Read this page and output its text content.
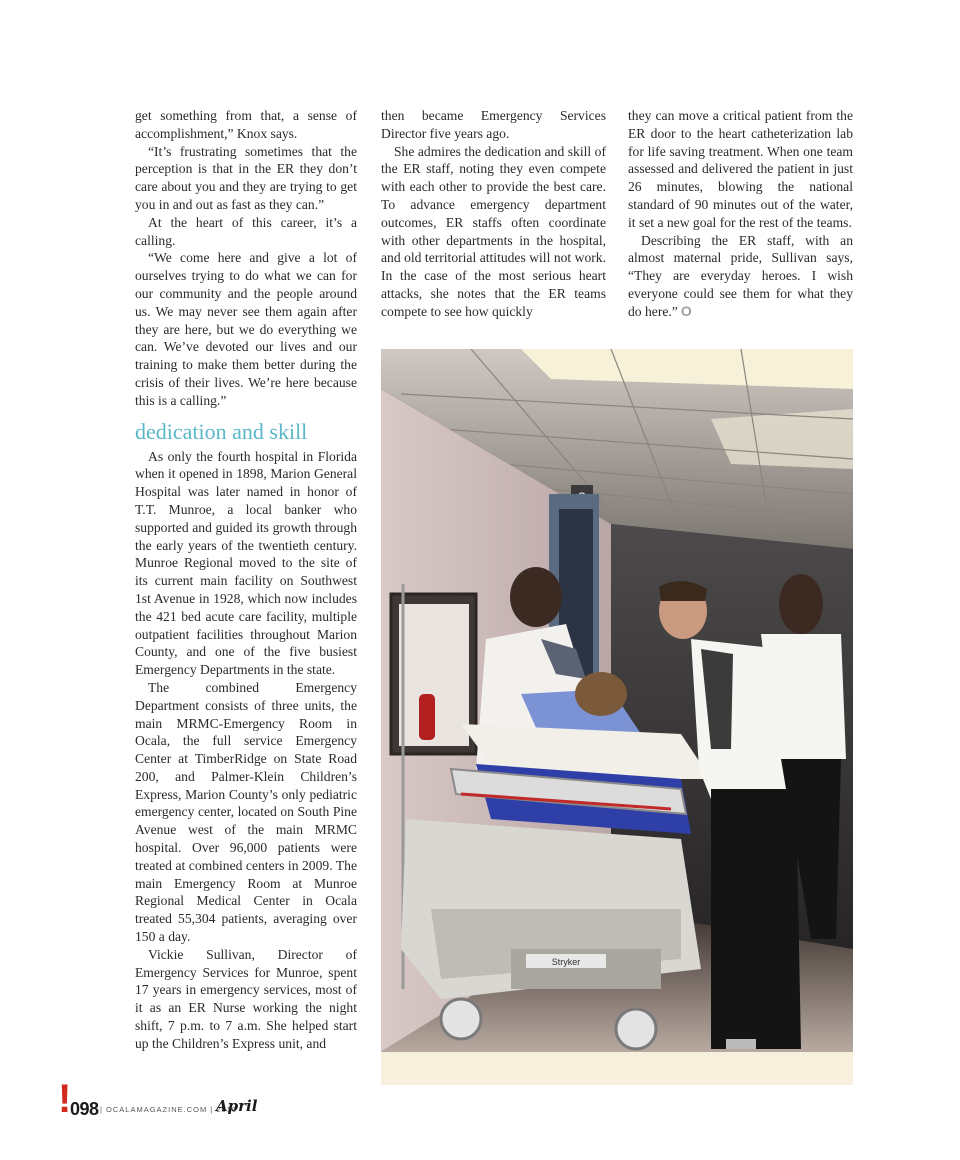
get something from that, a sense of accomplishment,” Knox says.

“It’s frustrating sometimes that the perception is that in the ER they don’t care about you and they are trying to get you in and out as fast as they can.”

At the heart of this career, it’s a calling.

“We come here and give a lot of ourselves trying to do what we can for our community and the people around us. We may never see them again after they are here, but we do everything we can. We’ve devoted our lives and our training to make them better during the crisis of their lives. We’re here because this is a calling.”

dedication and skill

As only the fourth hospital in Florida when it opened in 1898, Marion General Hospital was later named in honor of T.T. Munroe, a local banker who supported and guided its growth through the early years of the twentieth century. Munroe Regional moved to the site of its current main facility on Southwest 1st Avenue in 1928, which now includes the 421 bed acute care facility, multiple outpatient facilities throughout Marion County, and one of the five busiest Emergency Departments in the state.

The combined Emergency Department consists of three units, the main MRMC-Emergency Room in Ocala, the full service Emergency Center at TimberRidge on State Road 200, and Palmer-Klein Children’s Express, Marion County’s only pediatric emergency center, located on South Pine Avenue west of the main MRMC hospital. Over 96,000 patients were treated at combined centers in 2009. The main Emergency Room at Munroe Regional Medical Center in Ocala treated 55,304 patients, averaging over 150 a day.

Vickie Sullivan, Director of Emergency Services for Munroe, spent 17 years in emergency services, most of it as an ER Nurse working the night shift, 7 p.m. to 7 a.m. She helped start up the Children’s Express unit, and

then became Emergency Services Director five years ago.

She admires the dedication and skill of the ER staff, noting they even compete with each other to provide the best care. To advance emergency department outcomes, ER staffs often coordinate with other departments in the hospital, and old territorial attitudes will not work. In the case of the most serious heart attacks, she notes that the ER teams compete to see how quickly

they can move a critical patient from the ER door to the heart catheterization lab for life saving treatment. When one team assessed and delivered the patient in just 26 minutes, blowing the national standard of 90 minutes out of the water, it set a new goal for the rest of the teams.

Describing the ER staff, with an almost maternal pride, Sullivan says, “They are everyday heroes. I wish everyone could see them for what they do here.” O

Stryker
!
098 | OCALAMAGAZINE.COM | 2010
April
